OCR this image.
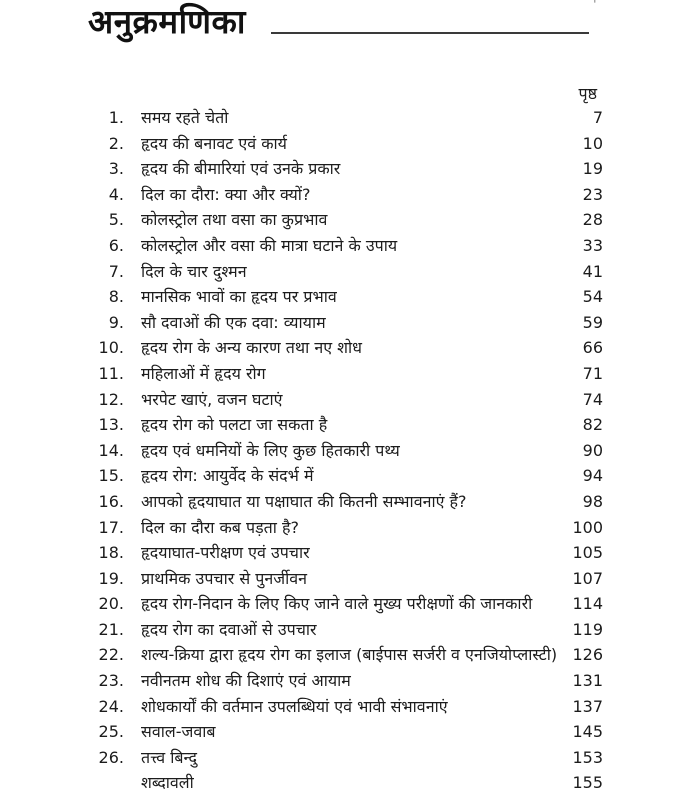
'
अनुक्रमणिका
पृष्ठ
1. समय रहते चेतो	7
2. हृदय की बनावट एवं कार्य	10
3. हृदय की बीमारियां एवं उनके प्रकार	19
4. दिल का दौरा: क्या और क्यों?	23
5. कोलस्ट्रोल तथा वसा का कुप्रभाव	28
6. कोलस्ट्रोल और वसा की मात्रा घटाने के उपाय	33
7. दिल के चार दुश्मन	41
8. मानसिक भावों का हृदय पर प्रभाव	54
9. सौ दवाओं की एक दवा: व्यायाम	59
10. हृदय रोग के अन्य कारण तथा नए शोध	66
11. महिलाओं में हृदय रोग	71
12. भरपेट खाएं, वजन घटाएं	74
13. हृदय रोग को पलटा जा सकता है	82
14. हृदय एवं धमनियों के लिए कुछ हितकारी पथ्य	90
15. हृदय रोग: आयुर्वेद के संदर्भ में	94
16. आपको हृदयाघात या पक्षाघात की कितनी सम्भावनाएं हैं?	98
17. दिल का दौरा कब पड़ता है?	100
18. हृदयाघात-परीक्षण एवं उपचार	105
19. प्राथमिक उपचार से पुनर्जीवन	107
20. हृदय रोग-निदान के लिए किए जाने वाले मुख्य परीक्षणों की जानकारी	114
21. हृदय रोग का दवाओं से उपचार	119
22. शल्य-क्रिया द्वारा हृदय रोग का इलाज (बाईपास सर्जरी व एनजियोप्लास्टी) 126
23. नवीनतम शोध की दिशाएं एवं आयाम	131
24. शोधकार्यों की वर्तमान उपलब्धियां एवं भावी संभावनाएं	137
25. सवाल-जवाब	145
26. तत्त्व बिन्दु	153
शब्दावली	155
